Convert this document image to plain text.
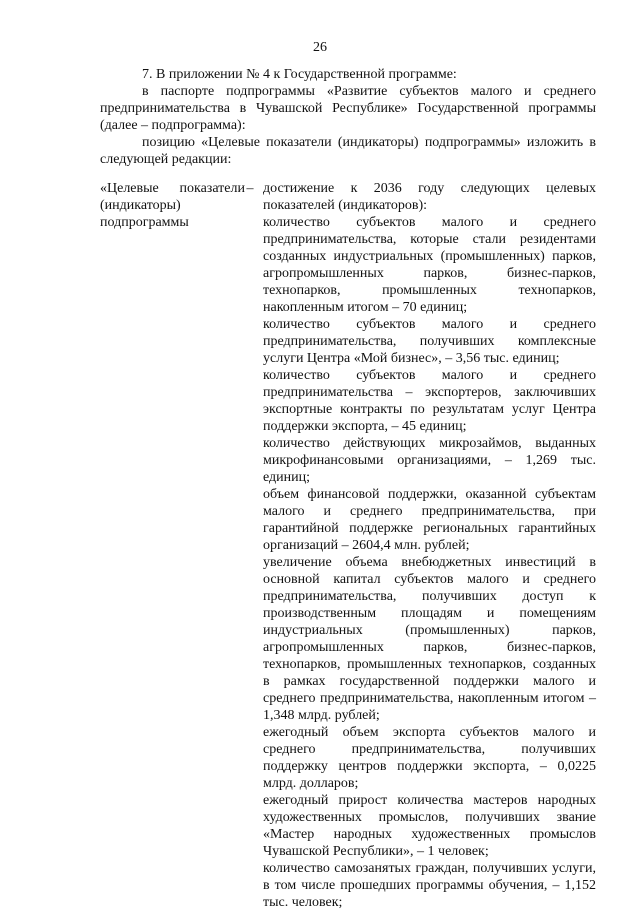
26

7. В приложении № 4 к Государственной программе:

в паспорте подпрограммы «Развитие субъектов малого и среднего предпринимательства в Чувашской Республике» Государственной программы (далее – подпрограмма):

позицию «Целевые показатели (индикаторы) подпрограммы» изложить в следующей редакции:

«Целевые показатели (индикаторы) подпрограммы
– достижение к 2036 году следующих целевых показателей (индикаторов):

количество субъектов малого и среднего предпринимательства, которые стали резидентами созданных индустриальных (промышленных) парков, агропромышленных парков, бизнес-парков, технопарков, промышленных технопарков, накопленным итогом – 70 единиц;

количество субъектов малого и среднего предпринимательства, получивших комплексные услуги Центра «Мой бизнес», – 3,56 тыс. единиц;

количество субъектов малого и среднего предпринимательства – экспортеров, заключивших экспортные контракты по результатам услуг Центра поддержки экспорта, – 45 единиц;

количество действующих микрозаймов, выданных микрофинансовыми организациями, – 1,269 тыс. единиц;

объем финансовой поддержки, оказанной субъектам малого и среднего предпринимательства, при гарантийной поддержке региональных гарантийных организаций – 2604,4 млн. рублей;

увеличение объема внебюджетных инвестиций в основной капитал субъектов малого и среднего предпринимательства, получивших доступ к производственным площадям и помещениям индустриальных (промышленных) парков, агропромышленных парков, бизнес-парков, технопарков, промышленных технопарков, созданных в рамках государственной поддержки малого и среднего предпринимательства, накопленным итогом – 1,348 млрд. рублей;

ежегодный объем экспорта субъектов малого и среднего предпринимательства, получивших поддержку центров поддержки экспорта, – 0,0225 млрд. долларов;

ежегодный прирост количества мастеров народных художественных промыслов, получивших звание «Мастер народных художественных промыслов Чувашской Республики», – 1 человек;

количество самозанятых граждан, получивших услуги, в том числе прошедших программы обучения, – 1,152 тыс. человек;
